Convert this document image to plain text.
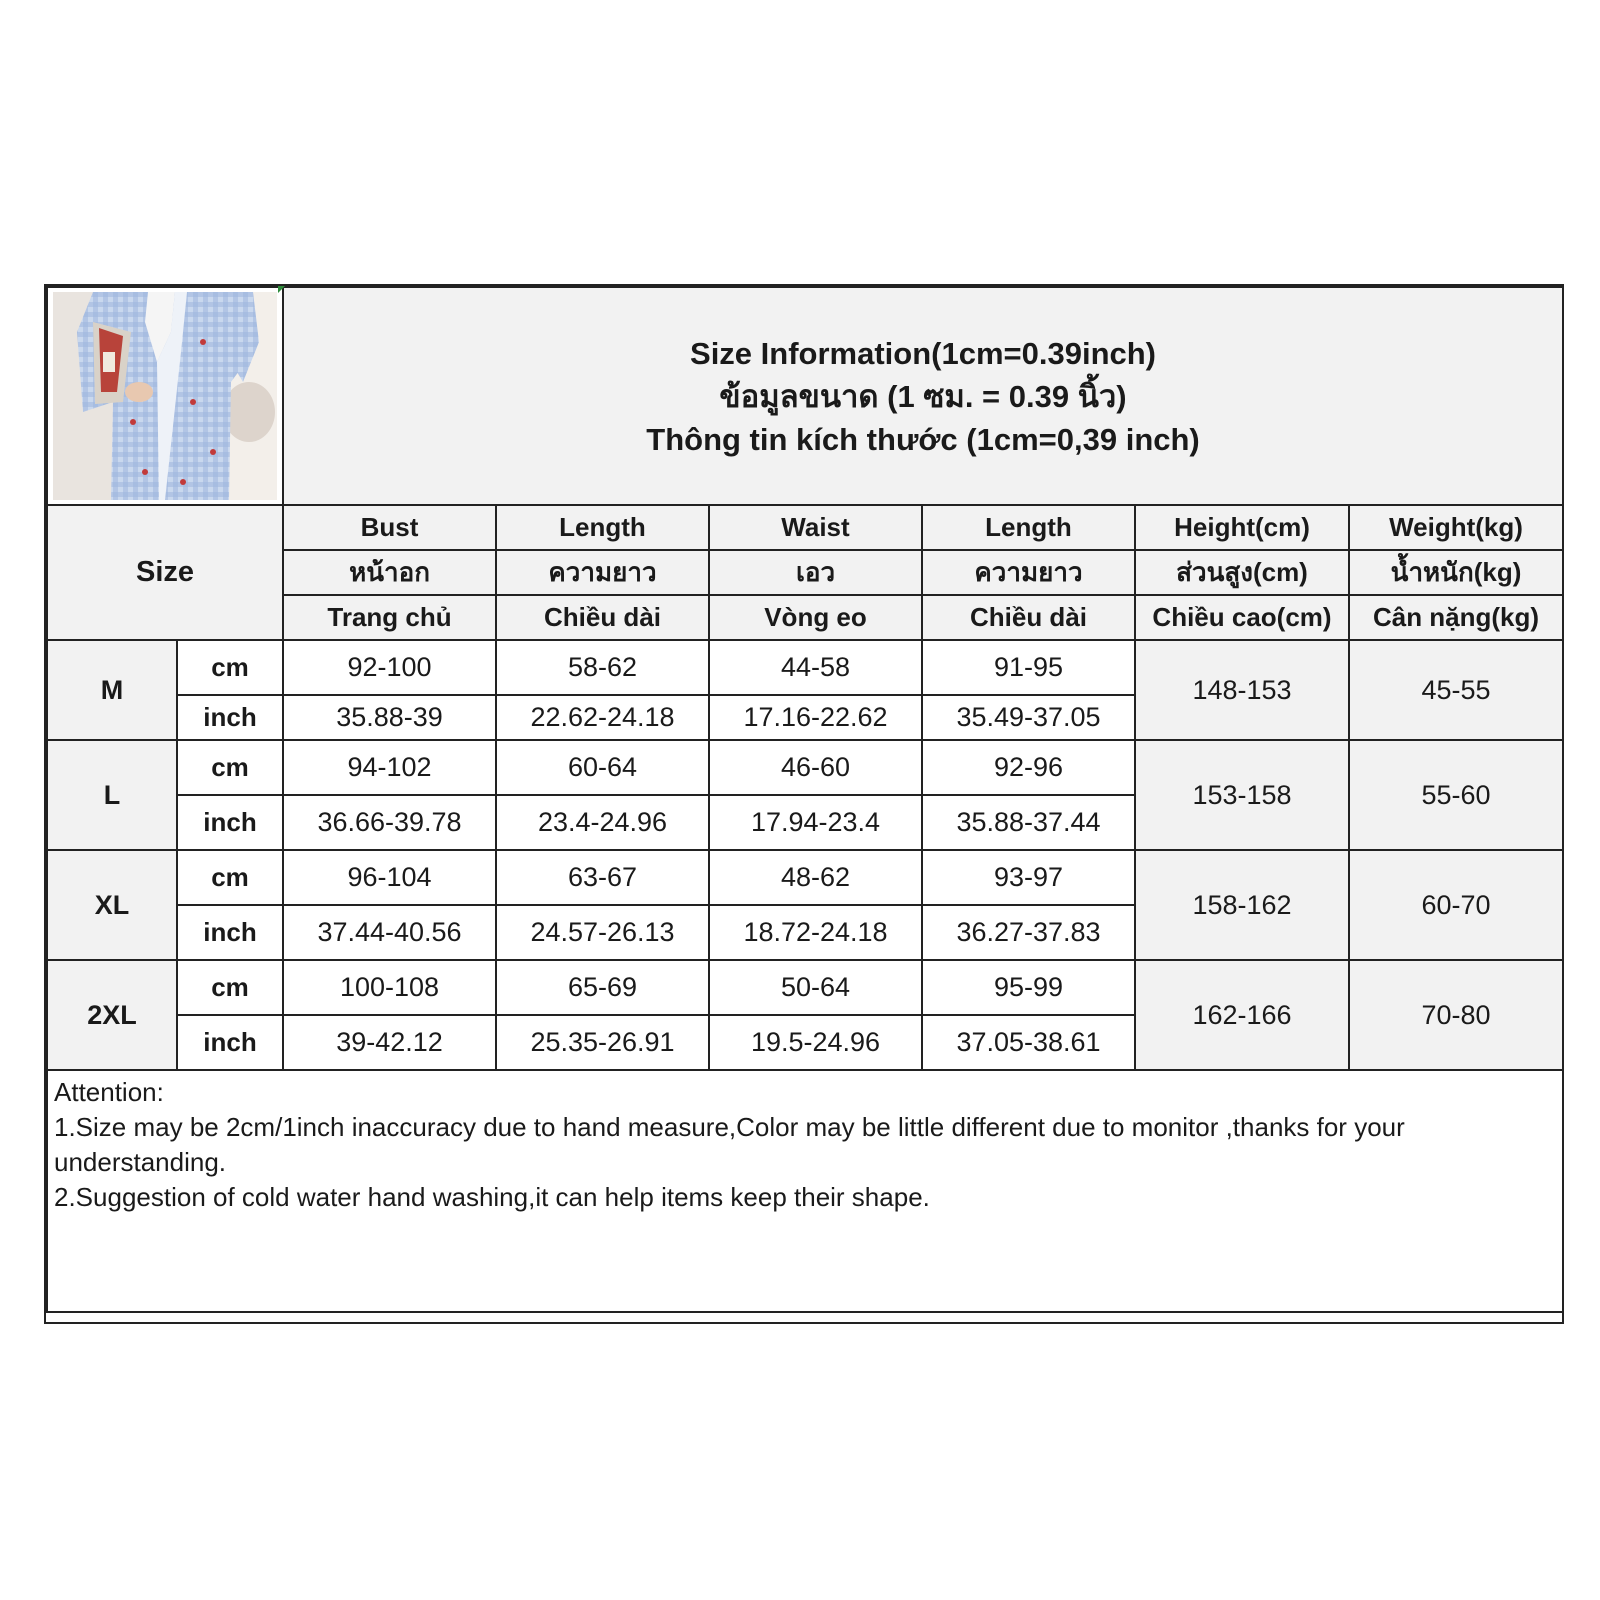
Size Information(1cm=0.39inch)
ข้อมูลขนาด (1 ซม. = 0.39 นิ้ว)
Thông tin kích thước (1cm=0,39 inch)					

Size		Bust	Length	Waist	Length	Height(cm)	Weight(kg)
		หน้าอก	ความยาว	เอว	ความยาว	ส่วนสูง(cm)	น้ำหนัก(kg)
		Trang chủ	Chiều dài	Vòng eo	Chiều dài	Chiều cao(cm)	Cân nặng(kg)
M	cm	92-100	58-62	44-58	91-95	148-153	45-55
	inch	35.88-39	22.62-24.18	17.16-22.62	35.49-37.05		
L	cm	94-102	60-64	46-60	92-96	153-158	55-60
	inch	36.66-39.78	23.4-24.96	17.94-23.4	35.88-37.44		
XL	cm	96-104	63-67	48-62	93-97	158-162	60-70
	inch	37.44-40.56	24.57-26.13	18.72-24.18	36.27-37.83		
2XL	cm	100-108	65-69	50-64	95-99	162-166	70-80
	inch	39-42.12	25.35-26.91	19.5-24.96	37.05-38.61		

Attention:
1.Size may be 2cm/1inch inaccuracy due to hand measure,Color may be little different due to monitor ,thanks for your understanding.
2.Suggestion of cold water hand washing,it can help items keep their shape.							
